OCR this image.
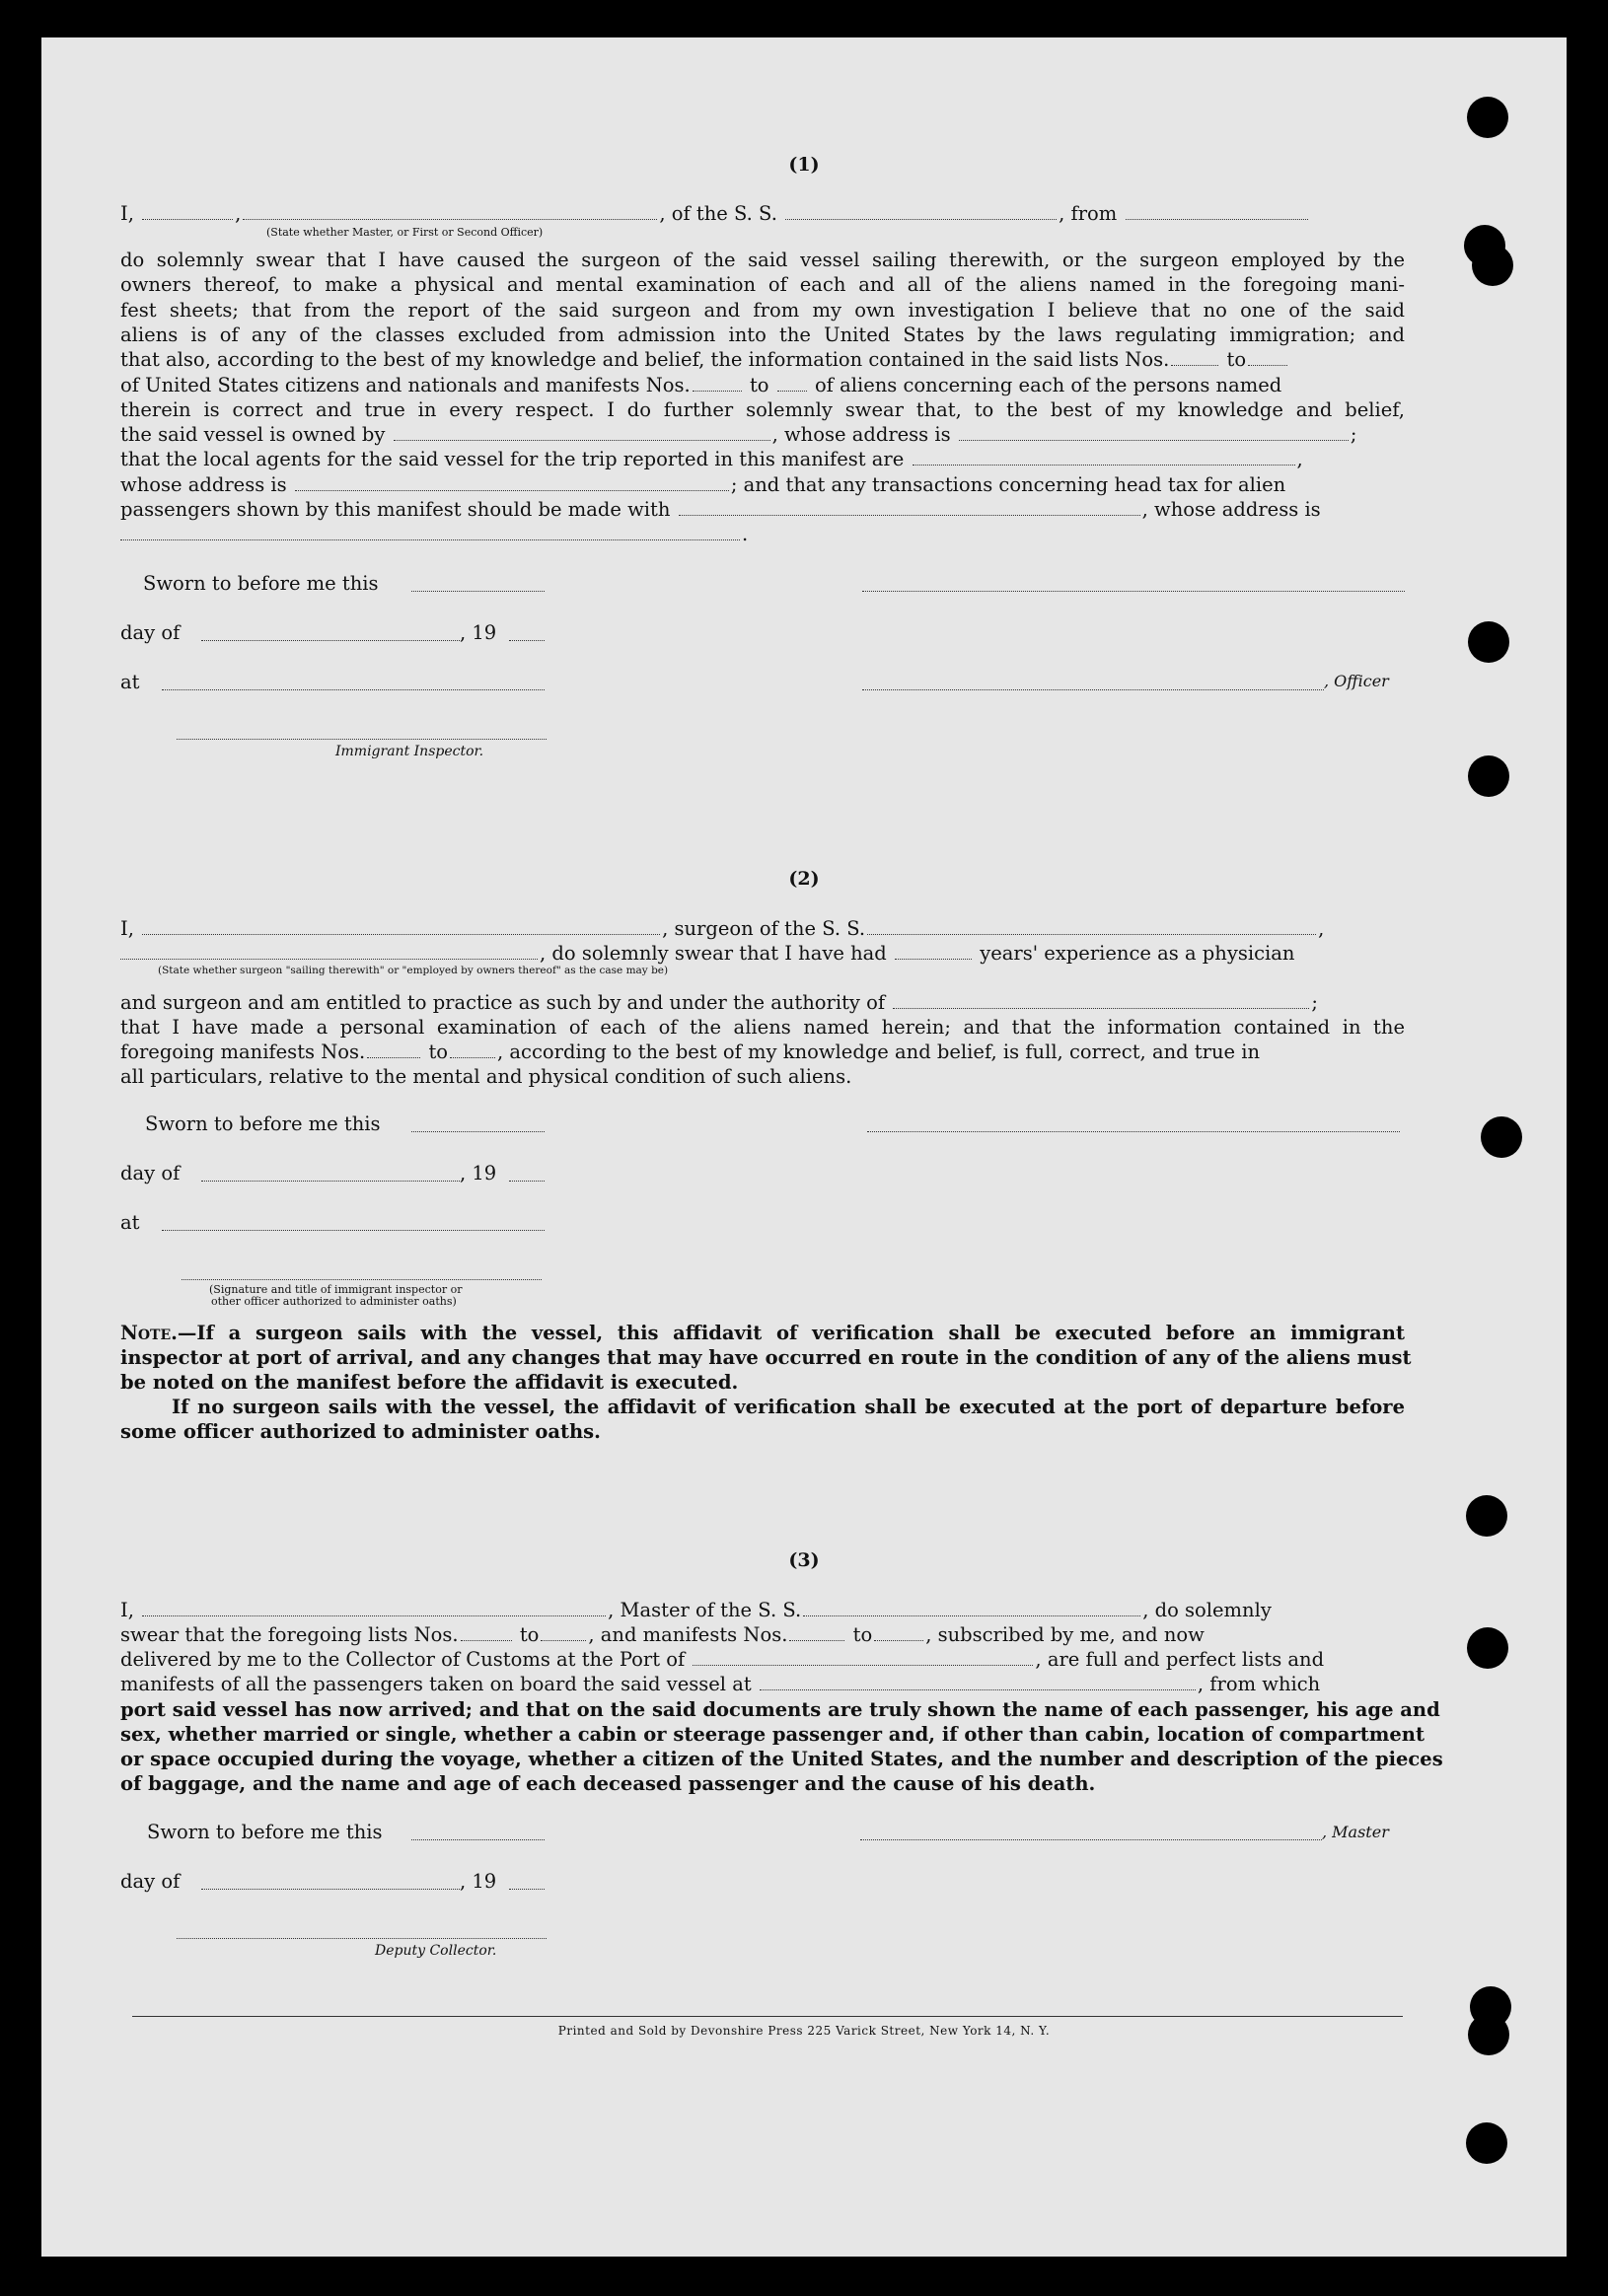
(1)
I,	,	, of the S. S.	, from
(State whether Master, or First or Second Officer)
do solemnly swear that I have caused the surgeon of the said vessel sailing therewith, or the surgeon employed by the
owners thereof, to make a physical and mental examination of each and all of the aliens named in the foregoing mani-
fest sheets; that from the report of the said surgeon and from my own investigation I believe that no one of the said
aliens is of any of the classes excluded from admission into the United States by the laws regulating immigration; and
that also, according to the best of my knowledge and belief, the information contained in the said lists Nos.	to
of United States citizens and nationals and manifests Nos.	to of aliens concerning each of the persons named
therein is correct and true in every respect. I do further solemnly swear that, to the best of my knowledge and belief,
the said vessel is owned by	, whose address is	;
that the local agents for the said vessel for the trip reported in this manifest are	,
whose address is	; and that any transactions concerning head tax for alien
passengers shown by this manifest should be made with	, whose address is
.
Sworn to before me this
day of	, 19
at	, Officer
Immigrant Inspector.
(2)
I,	, surgeon of the S. S.	,
, do solemnly swear that I have had	years' experience as a physician
(State whether surgeon "sailing therewith" or "employed by owners thereof" as the case may be)
and surgeon and am entitled to practice as such by and under the authority of	;
that I have made a personal examination of each of the aliens named herein; and that the information contained in the
foregoing manifests Nos.	to	, according to the best of my knowledge and belief, is full, correct, and true in
all particulars, relative to the mental and physical condition of such aliens.
Sworn to before me this
day of	, 19
at
(Signature and title of immigrant inspector or
other officer authorized to administer oaths)
Note.—If a surgeon sails with the vessel, this affidavit of verification shall be executed before an immigrant
inspector at port of arrival, and any changes that may have occurred en route in the condition of any of the aliens must
be noted on the manifest before the affidavit is executed.
If no surgeon sails with the vessel, the affidavit of verification shall be executed at the port of departure before
some officer authorized to administer oaths.
(3)
I,	, Master of the S. S.	, do solemnly
swear that the foregoing lists Nos.	to	, and manifests Nos.	to	, subscribed by me, and now
delivered by me to the Collector of Customs at the Port of	, are full and perfect lists and
manifests of all the passengers taken on board the said vessel at	, from which
port said vessel has now arrived; and that on the said documents are truly shown the name of each passenger, his age and
sex, whether married or single, whether a cabin or steerage passenger and, if other than cabin, location of compartment
or space occupied during the voyage, whether a citizen of the United States, and the number and description of the pieces
of baggage, and the name and age of each deceased passenger and the cause of his death.
Sworn to before me this	, Master
day of	, 19
Deputy Collector.
Printed and Sold by Devonshire Press 225 Varick Street, New York 14, N. Y.
